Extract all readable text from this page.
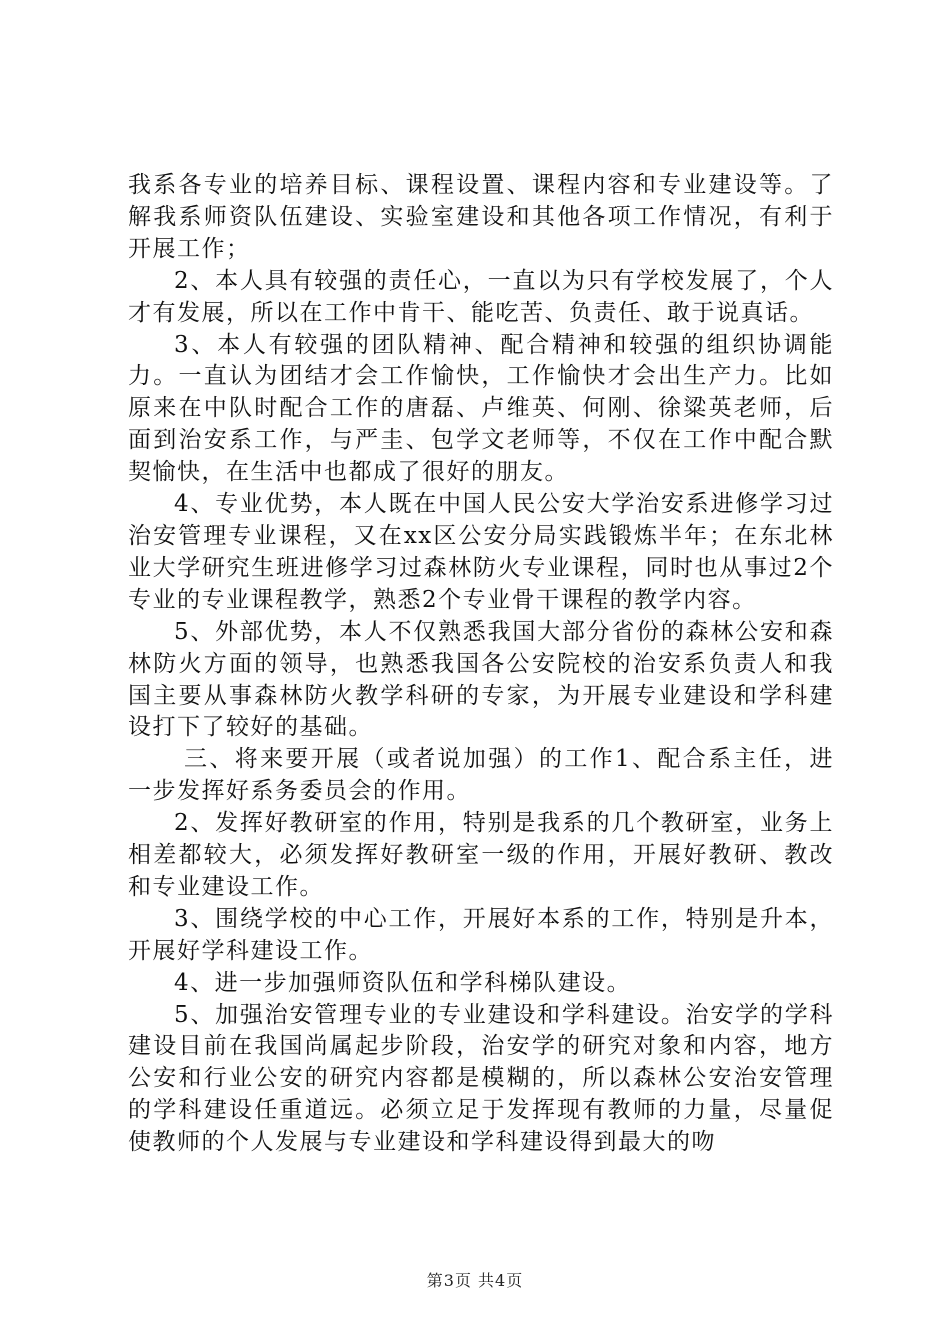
我系各专业的培养目标、课程设置、课程内容和专业建设等。了解我系师资队伍建设、实验室建设和其他各项工作情况，有利于开展工作；

2、本人具有较强的责任心，一直以为只有学校发展了，个人才有发展，所以在工作中肯干、能吃苦、负责任、敢于说真话。

3、本人有较强的团队精神、配合精神和较强的组织协调能力。一直认为团结才会工作愉快，工作愉快才会出生产力。比如原来在中队时配合工作的唐磊、卢维英、何刚、徐粱英老师，后面到治安系工作，与严圭、包学文老师等，不仅在工作中配合默契愉快，在生活中也都成了很好的朋友。

4、专业优势，本人既在中国人民公安大学治安系进修学习过治安管理专业课程，又在xx区公安分局实践锻炼半年；在东北林业大学研究生班进修学习过森林防火专业课程，同时也从事过2个专业的专业课程教学，熟悉2个专业骨干课程的教学内容。

5、外部优势，本人不仅熟悉我国大部分省份的森林公安和森林防火方面的领导，也熟悉我国各公安院校的治安系负责人和我国主要从事森林防火教学科研的专家，为开展专业建设和学科建设打下了较好的基础。

三、将来要开展（或者说加强）的工作1、配合系主任，进一步发挥好系务委员会的作用。

2、发挥好教研室的作用，特别是我系的几个教研室，业务上相差都较大，必须发挥好教研室一级的作用，开展好教研、教改和专业建设工作。

3、围绕学校的中心工作，开展好本系的工作，特别是升本，开展好学科建设工作。

4、进一步加强师资队伍和学科梯队建设。

5、加强治安管理专业的专业建设和学科建设。治安学的学科建设目前在我国尚属起步阶段，治安学的研究对象和内容，地方公安和行业公安的研究内容都是模糊的，所以森林公安治安管理的学科建设任重道远。必须立足于发挥现有教师的力量，尽量促使教师的个人发展与专业建设和学科建设得到最大的吻

第3页 共4页
